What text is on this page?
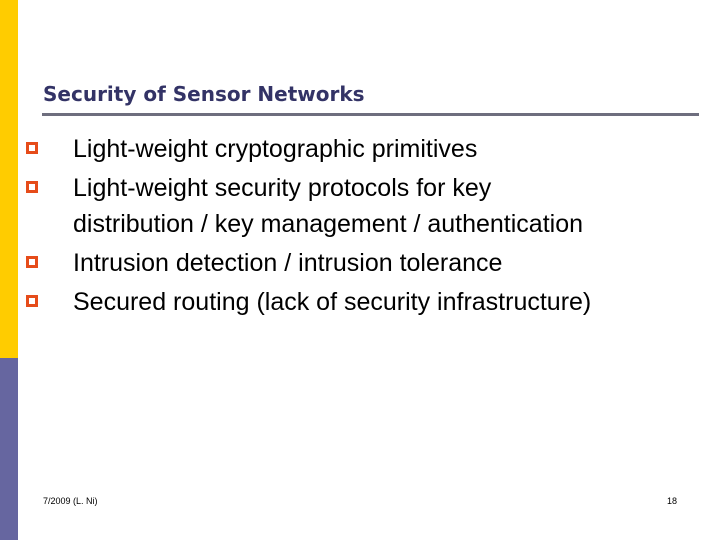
Security of Sensor Networks
Light-weight cryptographic primitives
Light-weight security protocols for key
distribution / key management / authentication
Intrusion detection / intrusion tolerance
Secured routing (lack of security infrastructure)
7/2009 (L. Ni)	18
